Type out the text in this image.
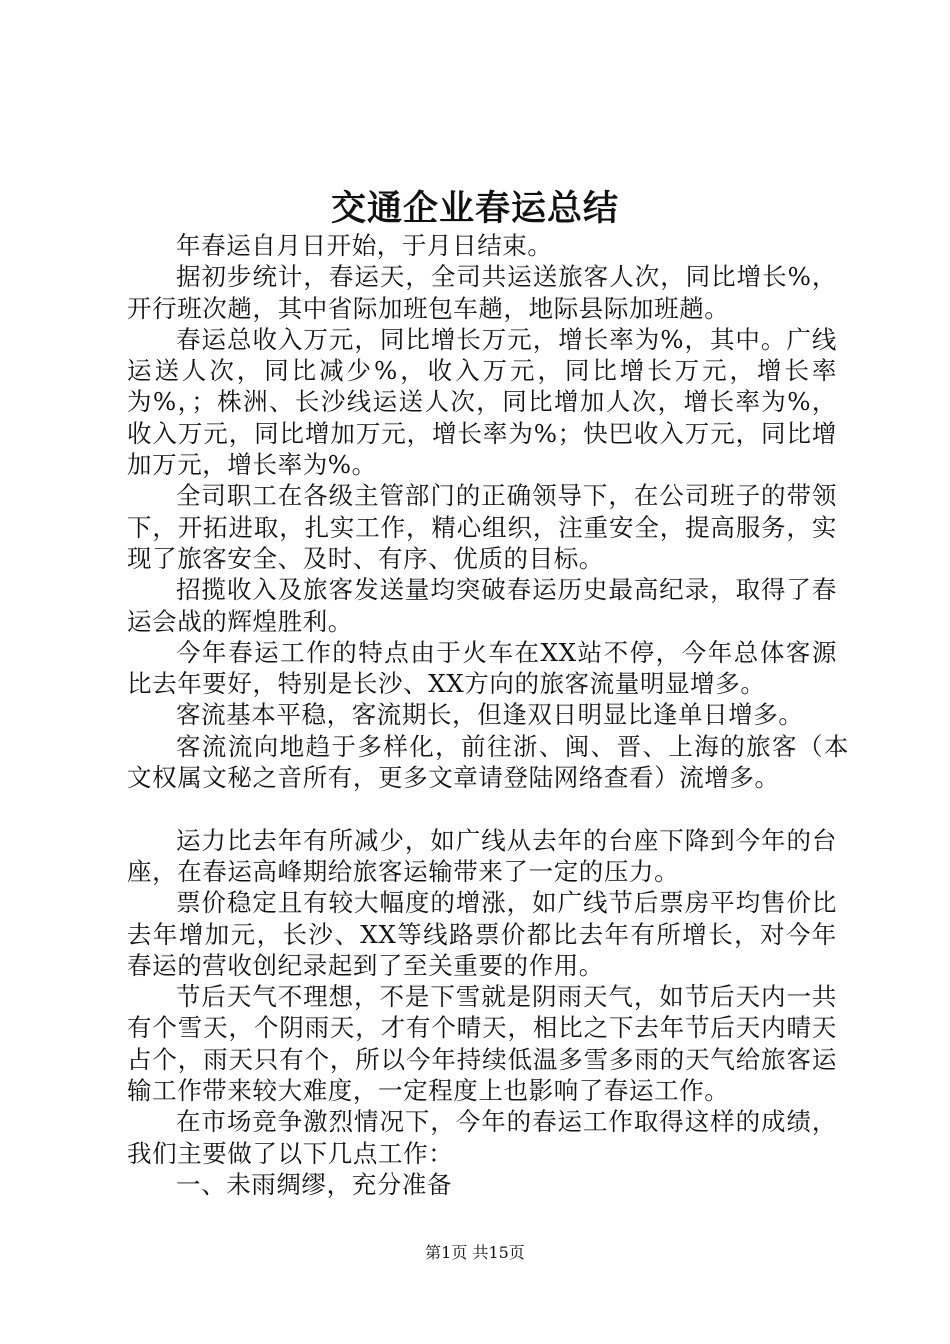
交通企业春运总结

年春运自月日开始，于月日结束。

据初步统计，春运天，全司共运送旅客人次，同比增长%，开行班次趟，其中省际加班包车趟，地际县际加班趟。

春运总收入万元，同比增长万元，增长率为%，其中。广线运送人次，同比减少%，收入万元，同比增长万元，增长率为%，；株洲、长沙线运送人次，同比增加人次，增长率为%，收入万元，同比增加万元，增长率为%；快巴收入万元，同比增加万元，增长率为%。

全司职工在各级主管部门的正确领导下，在公司班子的带领下，开拓进取，扎实工作，精心组织，注重安全，提高服务，实现了旅客安全、及时、有序、优质的目标。

招揽收入及旅客发送量均突破春运历史最高纪录，取得了春运会战的辉煌胜利。

今年春运工作的特点由于火车在XX站不停，今年总体客源比去年要好，特别是长沙、XX方向的旅客流量明显增多。

客流基本平稳，客流期长，但逢双日明显比逢单日增多。

客流流向地趋于多样化，前往浙、闽、晋、上海的旅客（本文权属文秘之音所有，更多文章请登陆网络查看）流增多。

运力比去年有所减少，如广线从去年的台座下降到今年的台座，在春运高峰期给旅客运输带来了一定的压力。

票价稳定且有较大幅度的增涨，如广线节后票房平均售价比去年增加元，长沙、XX等线路票价都比去年有所增长，对今年春运的营收创纪录起到了至关重要的作用。

节后天气不理想，不是下雪就是阴雨天气，如节后天内一共有个雪天，个阴雨天，才有个晴天，相比之下去年节后天内晴天占个，雨天只有个，所以今年持续低温多雪多雨的天气给旅客运输工作带来较大难度，一定程度上也影响了春运工作。

在市场竞争激烈情况下，今年的春运工作取得这样的成绩，我们主要做了以下几点工作：

一、未雨绸缪，充分准备

第1页 共15页
